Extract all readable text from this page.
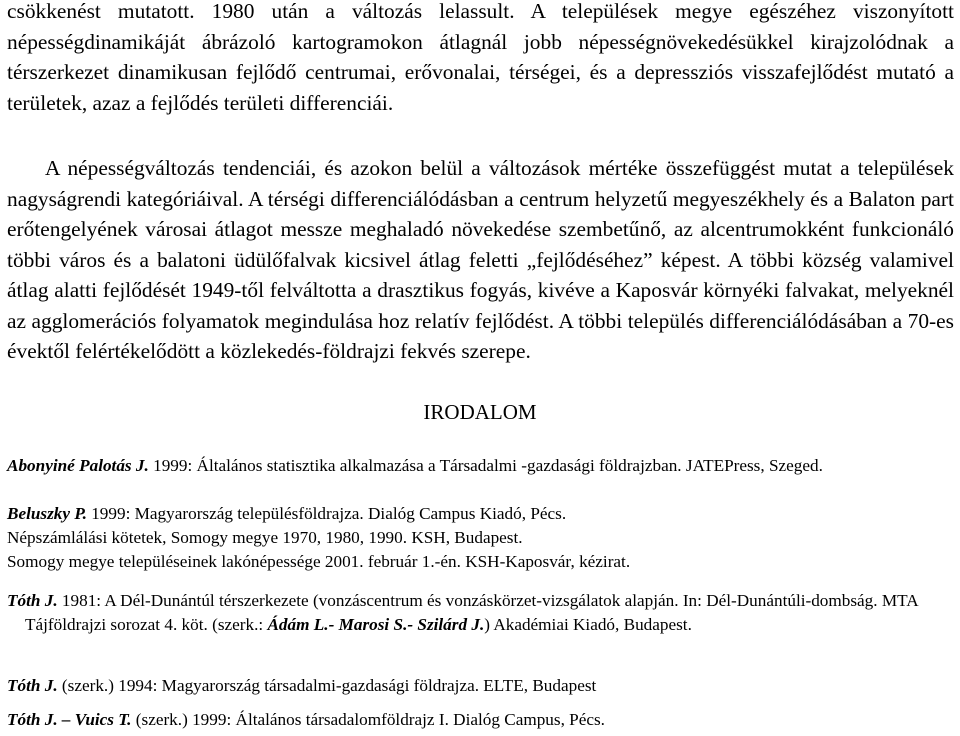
csökkenést mutatott. 1980 után a változás lelassult. A települések megye egészéhez viszonyított népességdinamikáját ábrázoló kartogramokon átlagnál jobb népességnövekedésükkel kirajzolódnak a térszerkezet dinamikusan fejlődő centrumai, erővonalai, térségei, és a depressziós visszafejlődést mutató a területek, azaz a fejlődés területi differenciái.

A népességváltozás tendenciái, és azokon belül a változások mértéke összefüggést mutat a települések nagyságrendi kategóriáival. A térségi differenciálódásban a centrum helyzetű megyeszékhely és a Balaton part erőtengelyének városai átlagot messze meghaladó növekedése szembetűnő, az alcentrumokként funkcionáló többi város és a balatoni üdülőfalvak kicsivel átlag feletti „fejlődéséhez” képest. A többi község valamivel átlag alatti fejlődését 1949-től felváltotta a drasztikus fogyás, kivéve a Kaposvár környéki falvakat, melyeknél az agglomerációs folyamatok megindulása hoz relatív fejlődést. A többi település differenciálódásában a 70-es évektől felértékelődött a közlekedés-földrajzi fekvés szerepe.

IRODALOM

Abonyiné Palotás J. 1999: Általános statisztika alkalmazása a Társadalmi -gazdasági földrajzban. JATEPress, Szeged.

Beluszky P. 1999: Magyarország településföldrajza. Dialóg Campus Kiadó, Pécs.

Népszámlálási kötetek, Somogy megye 1970, 1980, 1990. KSH, Budapest.

Somogy megye településeinek lakónépessége 2001. február 1.-én. KSH-Kaposvár, kézirat.

Tóth J. 1981: A Dél-Dunántúl térszerkezete (vonzáscentrum és vonzáskörzet-vizsgálatok alapján. In: Dél-Dunántúli-dombság. MTA Tájföldrajzi sorozat 4. köt. (szerk.: Ádám L.- Marosi S.- Szilárd J.) Akadémiai Kiadó, Budapest.

Tóth J. (szerk.) 1994: Magyarország társadalmi-gazdasági földrajza. ELTE, Budapest

Tóth J. – Vuics T. (szerk.) 1999: Általános társadalomföldrajz I. Dialóg Campus, Pécs.
